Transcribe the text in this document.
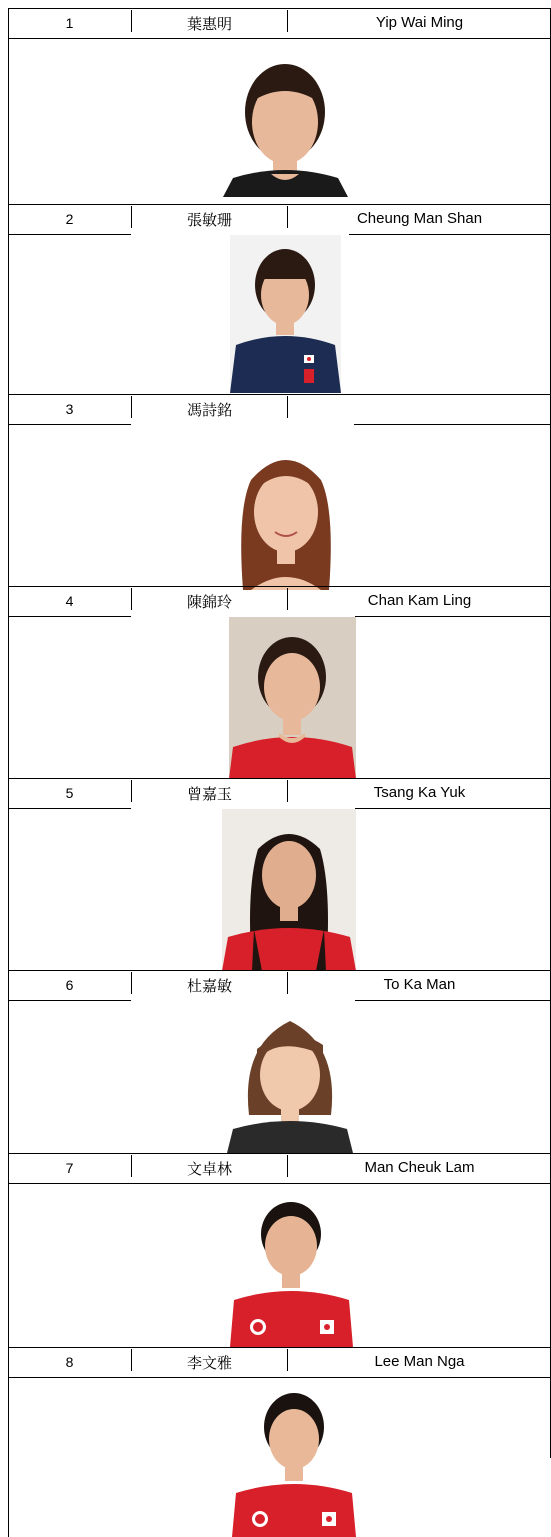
1	葉惠明	Yip Wai Ming
2	張敏珊	Cheung Man Shan
3	馮詩銘
4	陳錦玲	Chan Kam Ling
5	曾嘉玉	Tsang Ka Yuk
6	杜嘉敏	To Ka Man
7	文卓林	Man Cheuk Lam
8	李文雅	Lee Man Nga
